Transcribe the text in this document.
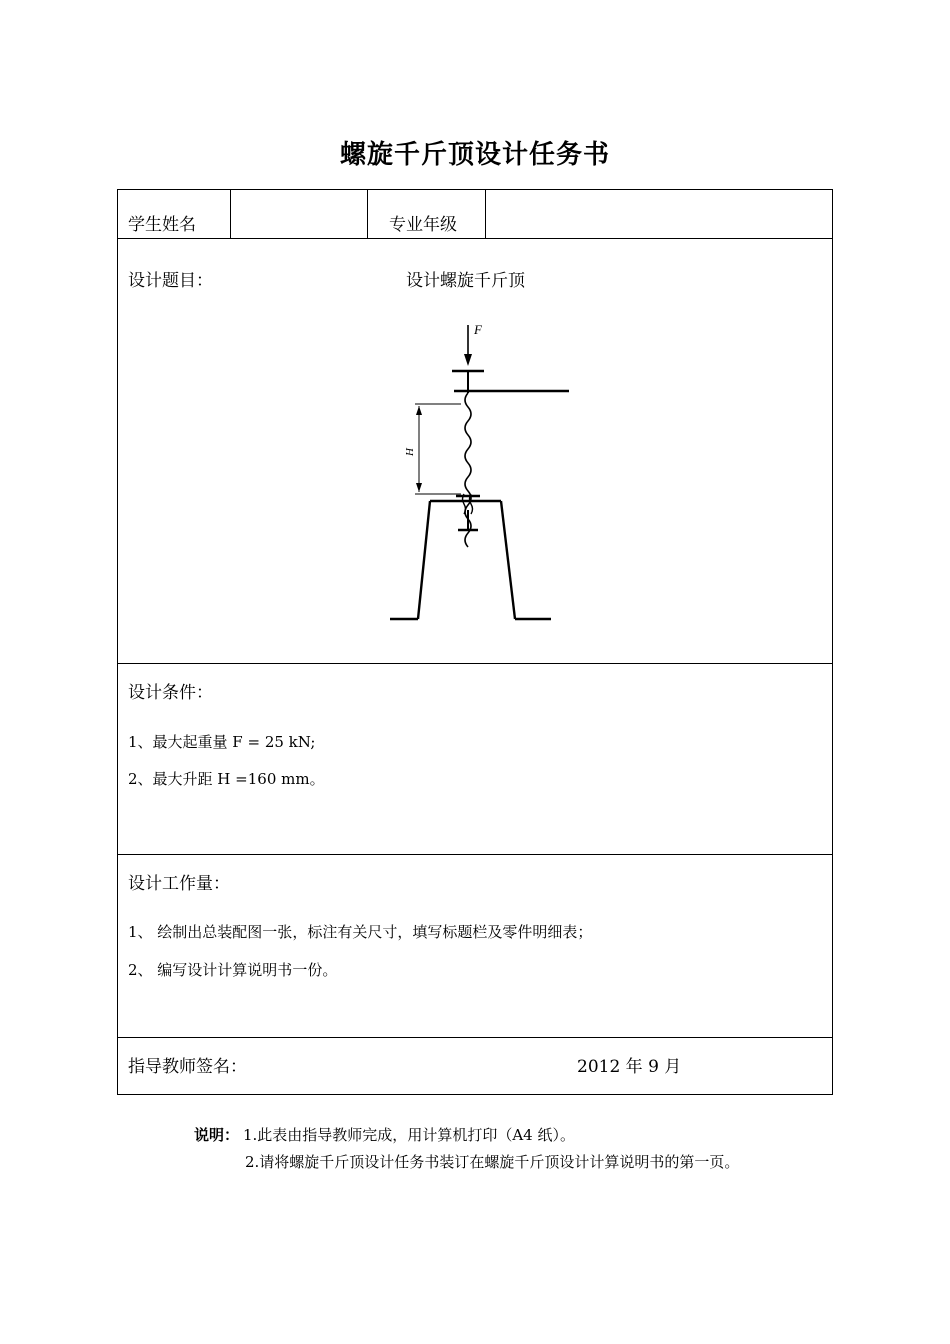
螺旋千斤顶设计任务书
学生姓名	专业年级
设计题目：	设计螺旋千斤顶
F
H
设计条件：
1、最大起重量 F = 25 kN;
2、最大升距 H =160 mm。
设计工作量：
1、 绘制出总装配图一张，标注有关尺寸，填写标题栏及零件明细表；
2、 编写设计计算说明书一份。
指导教师签名：	2012 年 9 月
说明： 1.此表由指导教师完成，用计算机打印（A4 纸）。
2.请将螺旋千斤顶设计任务书装订在螺旋千斤顶设计计算说明书的第一页。
